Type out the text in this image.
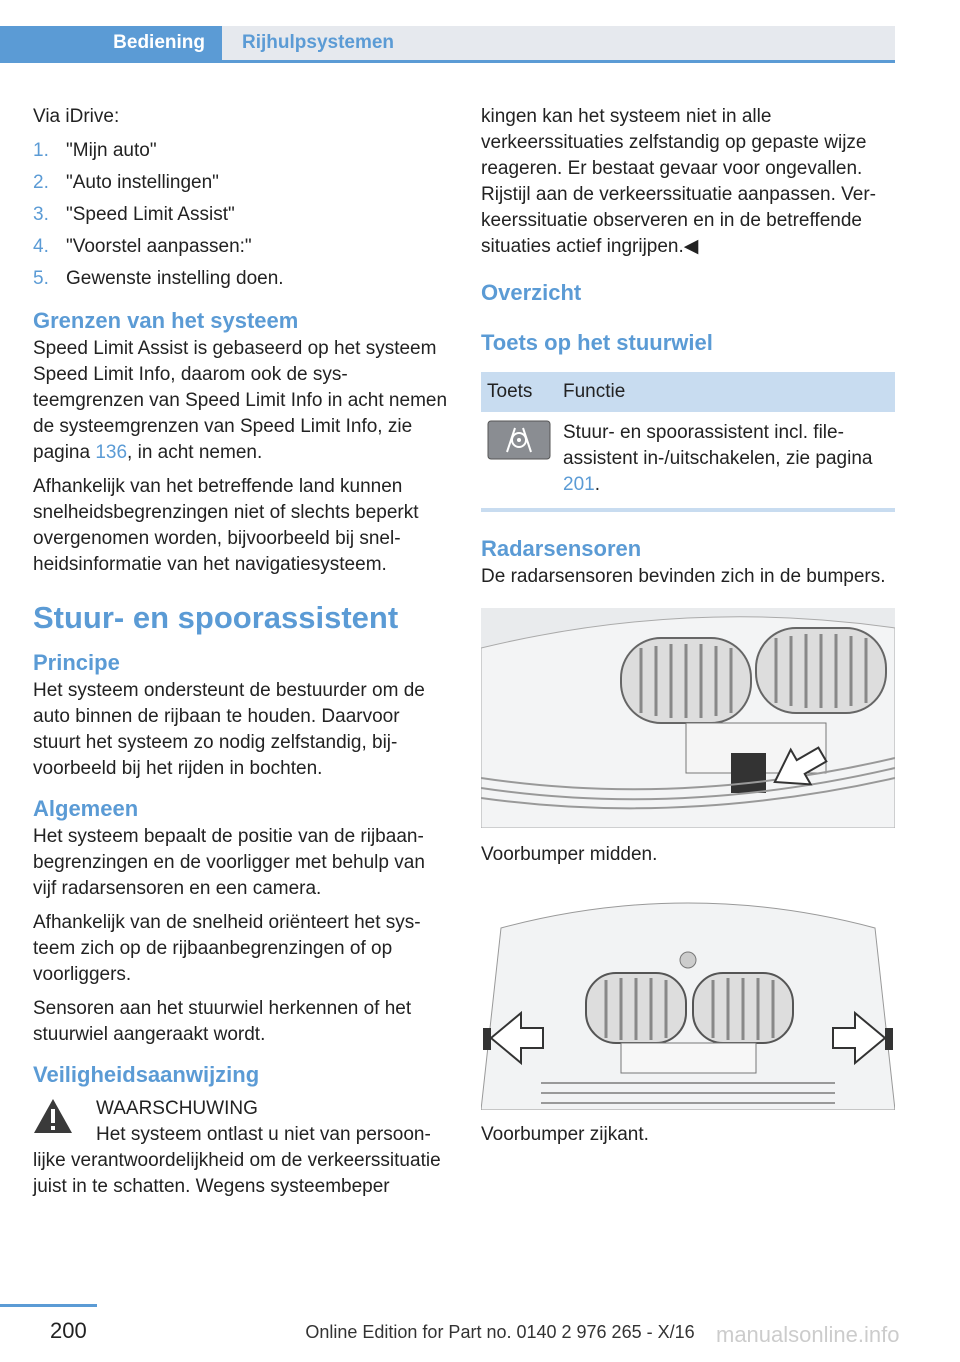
Bediening	Rijhulpsystemen

Via iDrive:

1. "Mijn auto"
2. "Auto instellingen"
3. "Speed Limit Assist"
4. "Voorstel aanpassen:"
5. Gewenste instelling doen.
Grenzen van het systeem

Speed Limit Assist is gebaseerd op het systeem Speed Limit Info, daarom ook de systeemgrenzen van Speed Limit Info in acht nemen de systeemgrenzen van Speed Limit Info, zie pagina 136, in acht nemen.

Afhankelijk van het betreffende land kunnen snelheidsbegrenzingen niet of slechts beperkt overgenomen worden, bijvoorbeeld bij snelheidsinformatie van het navigatiesysteem.

Stuur- en spoorassistent
Principe

Het systeem ondersteunt de bestuurder om de auto binnen de rijbaan te houden. Daarvoor stuurt het systeem zo nodig zelfstandig, bijvoorbeeld bij het rijden in bochten.

Algemeen

Het systeem bepaalt de positie van de rijbaanbegrenzingen en de voorligger met behulp van vijf radarsensoren en een camera.

Afhankelijk van de snelheid oriënteert het systeem zich op de rijbaanbegrenzingen of op voorliggers.

Sensoren aan het stuurwiel herkennen of het stuurwiel aangeraakt wordt.

Veiligheidsaanwijzing
WAARSCHUWING
Het systeem ontlast u niet van persoonlijke verantwoordelijkheid om de verkeerssituatie juist in te schatten. Wegens systeembeper

kingen kan het systeem niet in alle verkeerssituaties zelfstandig op gepaste wijze reageren. Er bestaat gevaar voor ongevallen. Rijstijl aan de verkeerssituatie aanpassen. Verkeerssituatie observeren en in de betreffende situaties actief ingrijpen.◀

Overzicht
Toets op het stuurwiel
Toets	Functie
	Stuur- en spoorassistent incl. fileassistent in-/uitschakelen, zie pagina 201.
Radarsensoren

De radarsensoren bevinden zich in de bumpers.

Voorbumper midden.

Voorbumper zijkant.

200	Online Edition for Part no. 0140 2 976 265 - X/16 manualsonline.info
